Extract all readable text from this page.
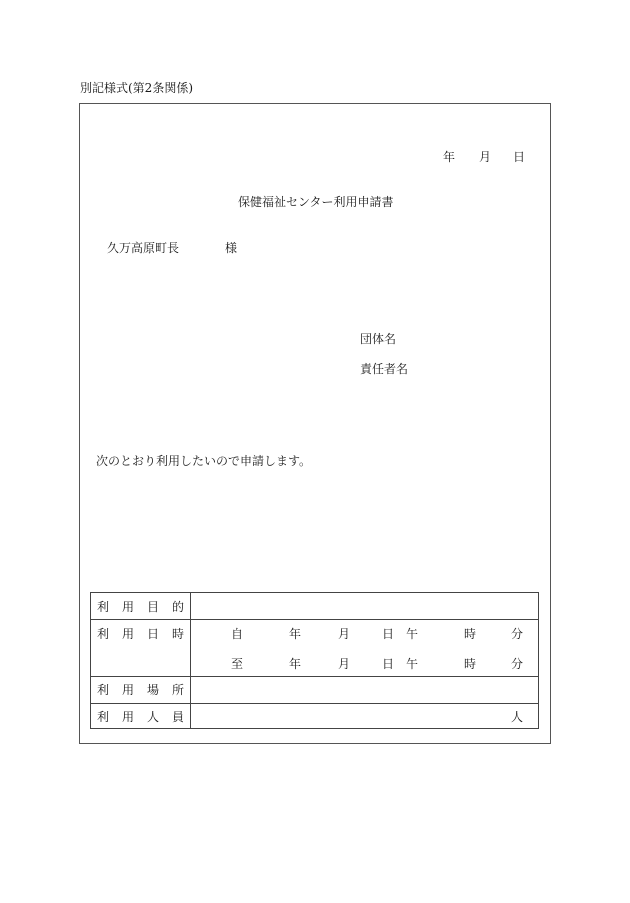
別記様式(第2条関係)
年 月 日
保健福祉センター利用申請書
久万高原町長	様
団体名
責任者名
次のとおり利用したいので申請します。
利 用 目 的
利 用 日 時	自	年	月	日 午	時	分
至	年	月	日 午	時	分
利 用 場 所
利 用 人 員	人
